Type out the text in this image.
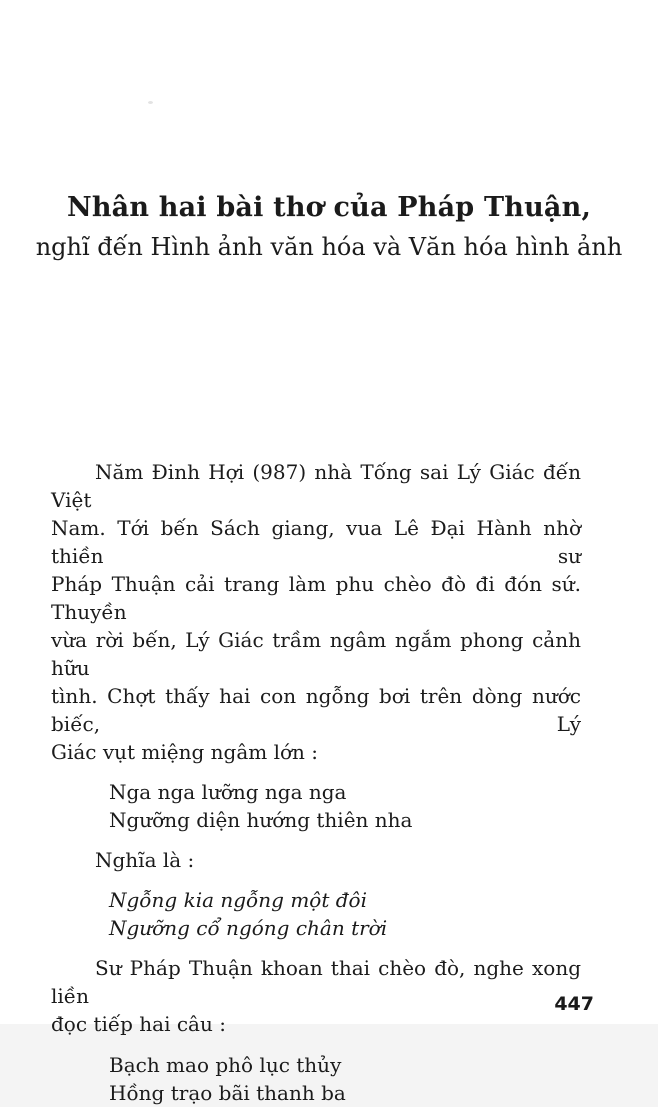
Nhân hai bài thơ của Pháp Thuận,
nghĩ đến Hình ảnh văn hóa và Văn hóa hình ảnh
Năm Đinh Hợi (987) nhà Tống sai Lý Giác đến Việt
Nam. Tới bến Sách giang, vua Lê Đại Hành nhờ thiền sư
Pháp Thuận cải trang làm phu chèo đò đi đón sứ. Thuyền
vừa rời bến, Lý Giác trầm ngâm ngắm phong cảnh hữu
tình. Chợt thấy hai con ngỗng bơi trên dòng nước biếc, Lý
Giác vụt miệng ngâm lớn :
Nga nga lưỡng nga nga
Ngưỡng diện hướng thiên nha
Nghĩa là :
Ngỗng kia ngỗng một đôi
Ngưỡng cổ ngóng chân trời
Sư Pháp Thuận khoan thai chèo đò, nghe xong liền
đọc tiếp hai câu :
Bạch mao phô lục thủy
Hồng trạo bãi thanh ba
447
